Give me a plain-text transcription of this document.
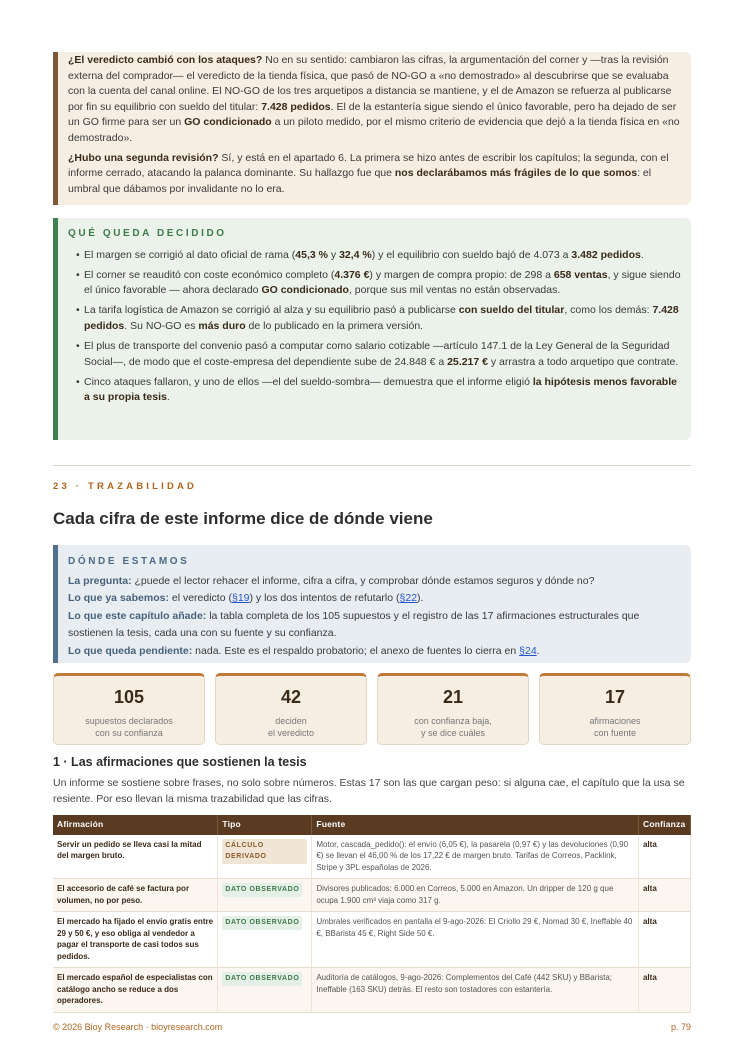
¿El veredicto cambió con los ataques? No en su sentido: cambiaron las cifras, la argumentación del corner y —tras la revisión externa del comprador— el veredicto de la tienda física, que pasó de NO-GO a «no demostrado» al descubrirse que se evaluaba con la cuenta del canal online. El NO-GO de los tres arquetipos a distancia se mantiene, y el de Amazon se refuerza al publicarse por fin su equilibrio con sueldo del titular: 7.428 pedidos. El de la estantería sigue siendo el único favorable, pero ha dejado de ser un GO firme para ser un GO condicionado a un piloto medido, por el mismo criterio de evidencia que dejó a la tienda física en «no demostrado».

¿Hubo una segunda revisión? Sí, y está en el apartado 6. La primera se hizo antes de escribir los capítulos; la segunda, con el informe cerrado, atacando la palanca dominante. Su hallazgo fue que nos declarábamos más frágiles de lo que somos: el umbral que dábamos por invalidante no lo era.

QUÉ QUEDA DECIDIDO
• El margen se corrigió al dato oficial de rama (45,3 % y 32,4 %) y el equilibrio con sueldo bajó de 4.073 a 3.482 pedidos.
• El corner se reauditó con coste económico completo (4.376 €) y margen de compra propio: de 298 a 658 ventas, y sigue siendo el único favorable — ahora declarado GO condicionado, porque sus mil ventas no están observadas.
• La tarifa logística de Amazon se corrigió al alza y su equilibrio pasó a publicarse con sueldo del titular, como los demás: 7.428 pedidos. Su NO-GO es más duro de lo publicado en la primera versión.
• El plus de transporte del convenio pasó a computar como salario cotizable —artículo 147.1 de la Ley General de la Seguridad Social—, de modo que el coste-empresa del dependiente sube de 24.848 € a 25.217 € y arrastra a todo arquetipo que contrate.
• Cinco ataques fallaron, y uno de ellos —el del sueldo-sombra— demuestra que el informe eligió la hipótesis menos favorable a su propia tesis.
23 · TRAZABILIDAD
Cada cifra de este informe dice de dónde viene
DÓNDE ESTAMOS
La pregunta: ¿puede el lector rehacer el informe, cifra a cifra, y comprobar dónde estamos seguros y dónde no?
Lo que ya sabemos: el veredicto (§19) y los dos intentos de refutarlo (§22).
Lo que este capítulo añade: la tabla completa de los 105 supuestos y el registro de las 17 afirmaciones estructurales que sostienen la tesis, cada una con su fuente y su confianza.
Lo que queda pendiente: nada. Este es el respaldo probatorio; el anexo de fuentes lo cierra en §24.
105
supuestos declarados
con su confianza
42
deciden
el veredicto
21
con confianza baja,
y se dice cuáles
17
afirmaciones
con fuente
1 · Las afirmaciones que sostienen la tesis
Un informe se sostiene sobre frases, no solo sobre números. Estas 17 son las que cargan peso: si alguna cae, el capítulo que la usa se resiente. Por eso llevan la misma trazabilidad que las cifras.
Afirmación	Tipo	Fuente	Confianza
Servir un pedido se lleva casi la mitad del margen bruto.	CÁLCULO DERIVADO	Motor, cascada_pedido(): el envío (6,05 €), la pasarela (0,97 €) y las devoluciones (0,90 €) se llevan el 46,00 % de los 17,22 € de margen bruto. Tarifas de Correos, Packlink, Stripe y 3PL españolas de 2026.	alta
El accesorio de café se factura por volumen, no por peso.	DATO OBSERVADO	Divisores publicados: 6.000 en Correos, 5.000 en Amazon. Un dripper de 120 g que ocupa 1.900 cm³ viaja como 317 g.	alta
El mercado ha fijado el envío gratis entre 29 y 50 €, y eso obliga al vendedor a pagar el transporte de casi todos sus pedidos.	DATO OBSERVADO	Umbrales verificados en pantalla el 9-ago-2026: El Criollo 29 €, Nomad 30 €, Ineffable 40 €, BBarista 45 €, Right Side 50 €.	alta
El mercado español de especialistas con catálogo ancho se reduce a dos operadores.	DATO OBSERVADO	Auditoría de catálogos, 9-ago-2026: Complementos del Café (442 SKU) y BBarista; Ineffable (163 SKU) detrás. El resto son tostadores con estantería.	alta
© 2026 Bioy Research · bioyresearch.com	p. 79
